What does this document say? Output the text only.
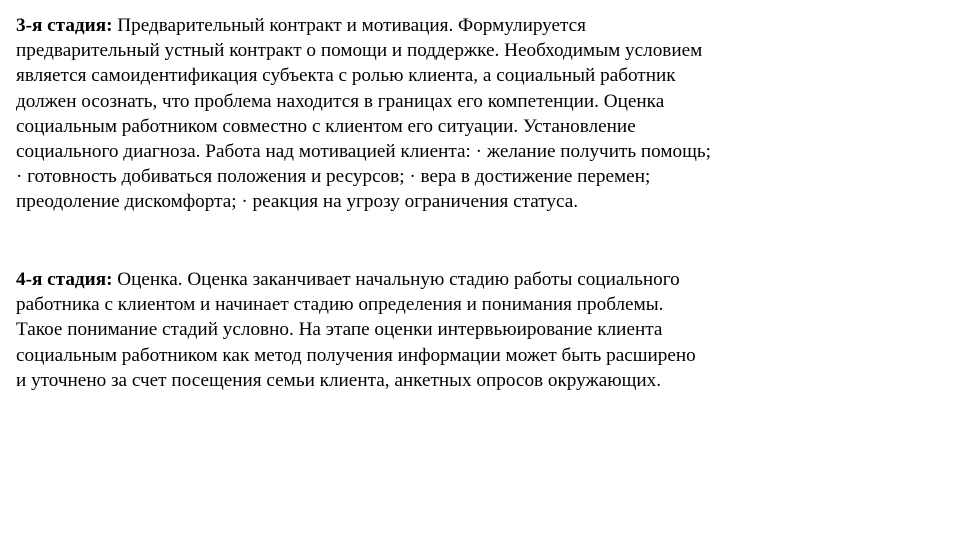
3-я стадия: Предварительный контракт и мотивация. Формулируется
предварительный устный контракт о помощи и поддержке. Необходимым условием
является самоидентификация субъекта с ролью клиента, а социальный работник
должен осознать, что проблема находится в границах его компетенции. Оценка
социальным работником совместно с клиентом его ситуации. Установление
социального диагноза. Работа над мотивацией клиента: · желание получить помощь;
· готовность добиваться положения и ресурсов; · вера в достижение перемен;
преодоление дискомфорта; · реакция на угрозу ограничения статуса.

4-я стадия: Оценка. Оценка заканчивает начальную стадию работы социального
работника с клиентом и начинает стадию определения и понимания проблемы.
Такое понимание стадий условно. На этапе оценки интервьюирование клиента
социальным работником как метод получения информации может быть расширено
и уточнено за счет посещения семьи клиента, анкетных опросов окружающих.
